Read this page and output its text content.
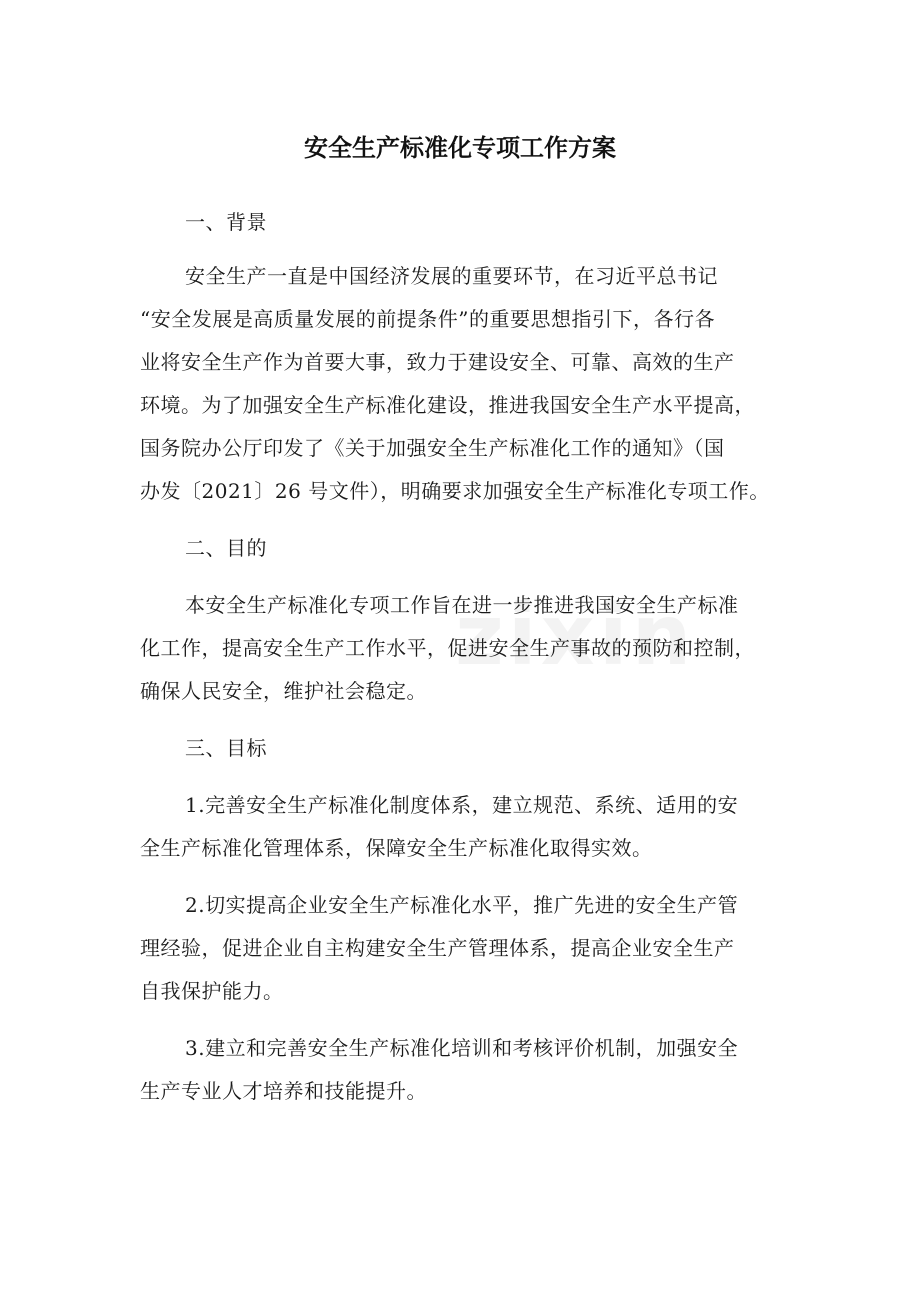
安全生产标准化专项工作方案
一、背景
安全生产一直是中国经济发展的重要环节，在习近平总书记
“安全发展是高质量发展的前提条件”的重要思想指引下，各行各
业将安全生产作为首要大事，致力于建设安全、可靠、高效的生产
环境。为了加强安全生产标准化建设，推进我国安全生产水平提高，
国务院办公厅印发了《关于加强安全生产标准化工作的通知》（国
办发〔2021〕26 号文件），明确要求加强安全生产标准化专项工作。
二、目的
本安全生产标准化专项工作旨在进一步推进我国安全生产标准
化工作，提高安全生产工作水平，促进安全生产事故的预防和控制，
确保人民安全，维护社会稳定。
三、目标
1.完善安全生产标准化制度体系，建立规范、系统、适用的安
全生产标准化管理体系，保障安全生产标准化取得实效。
2.切实提高企业安全生产标准化水平，推广先进的安全生产管
理经验，促进企业自主构建安全生产管理体系，提高企业安全生产
自我保护能力。
3.建立和完善安全生产标准化培训和考核评价机制，加强安全
生产专业人才培养和技能提升。
